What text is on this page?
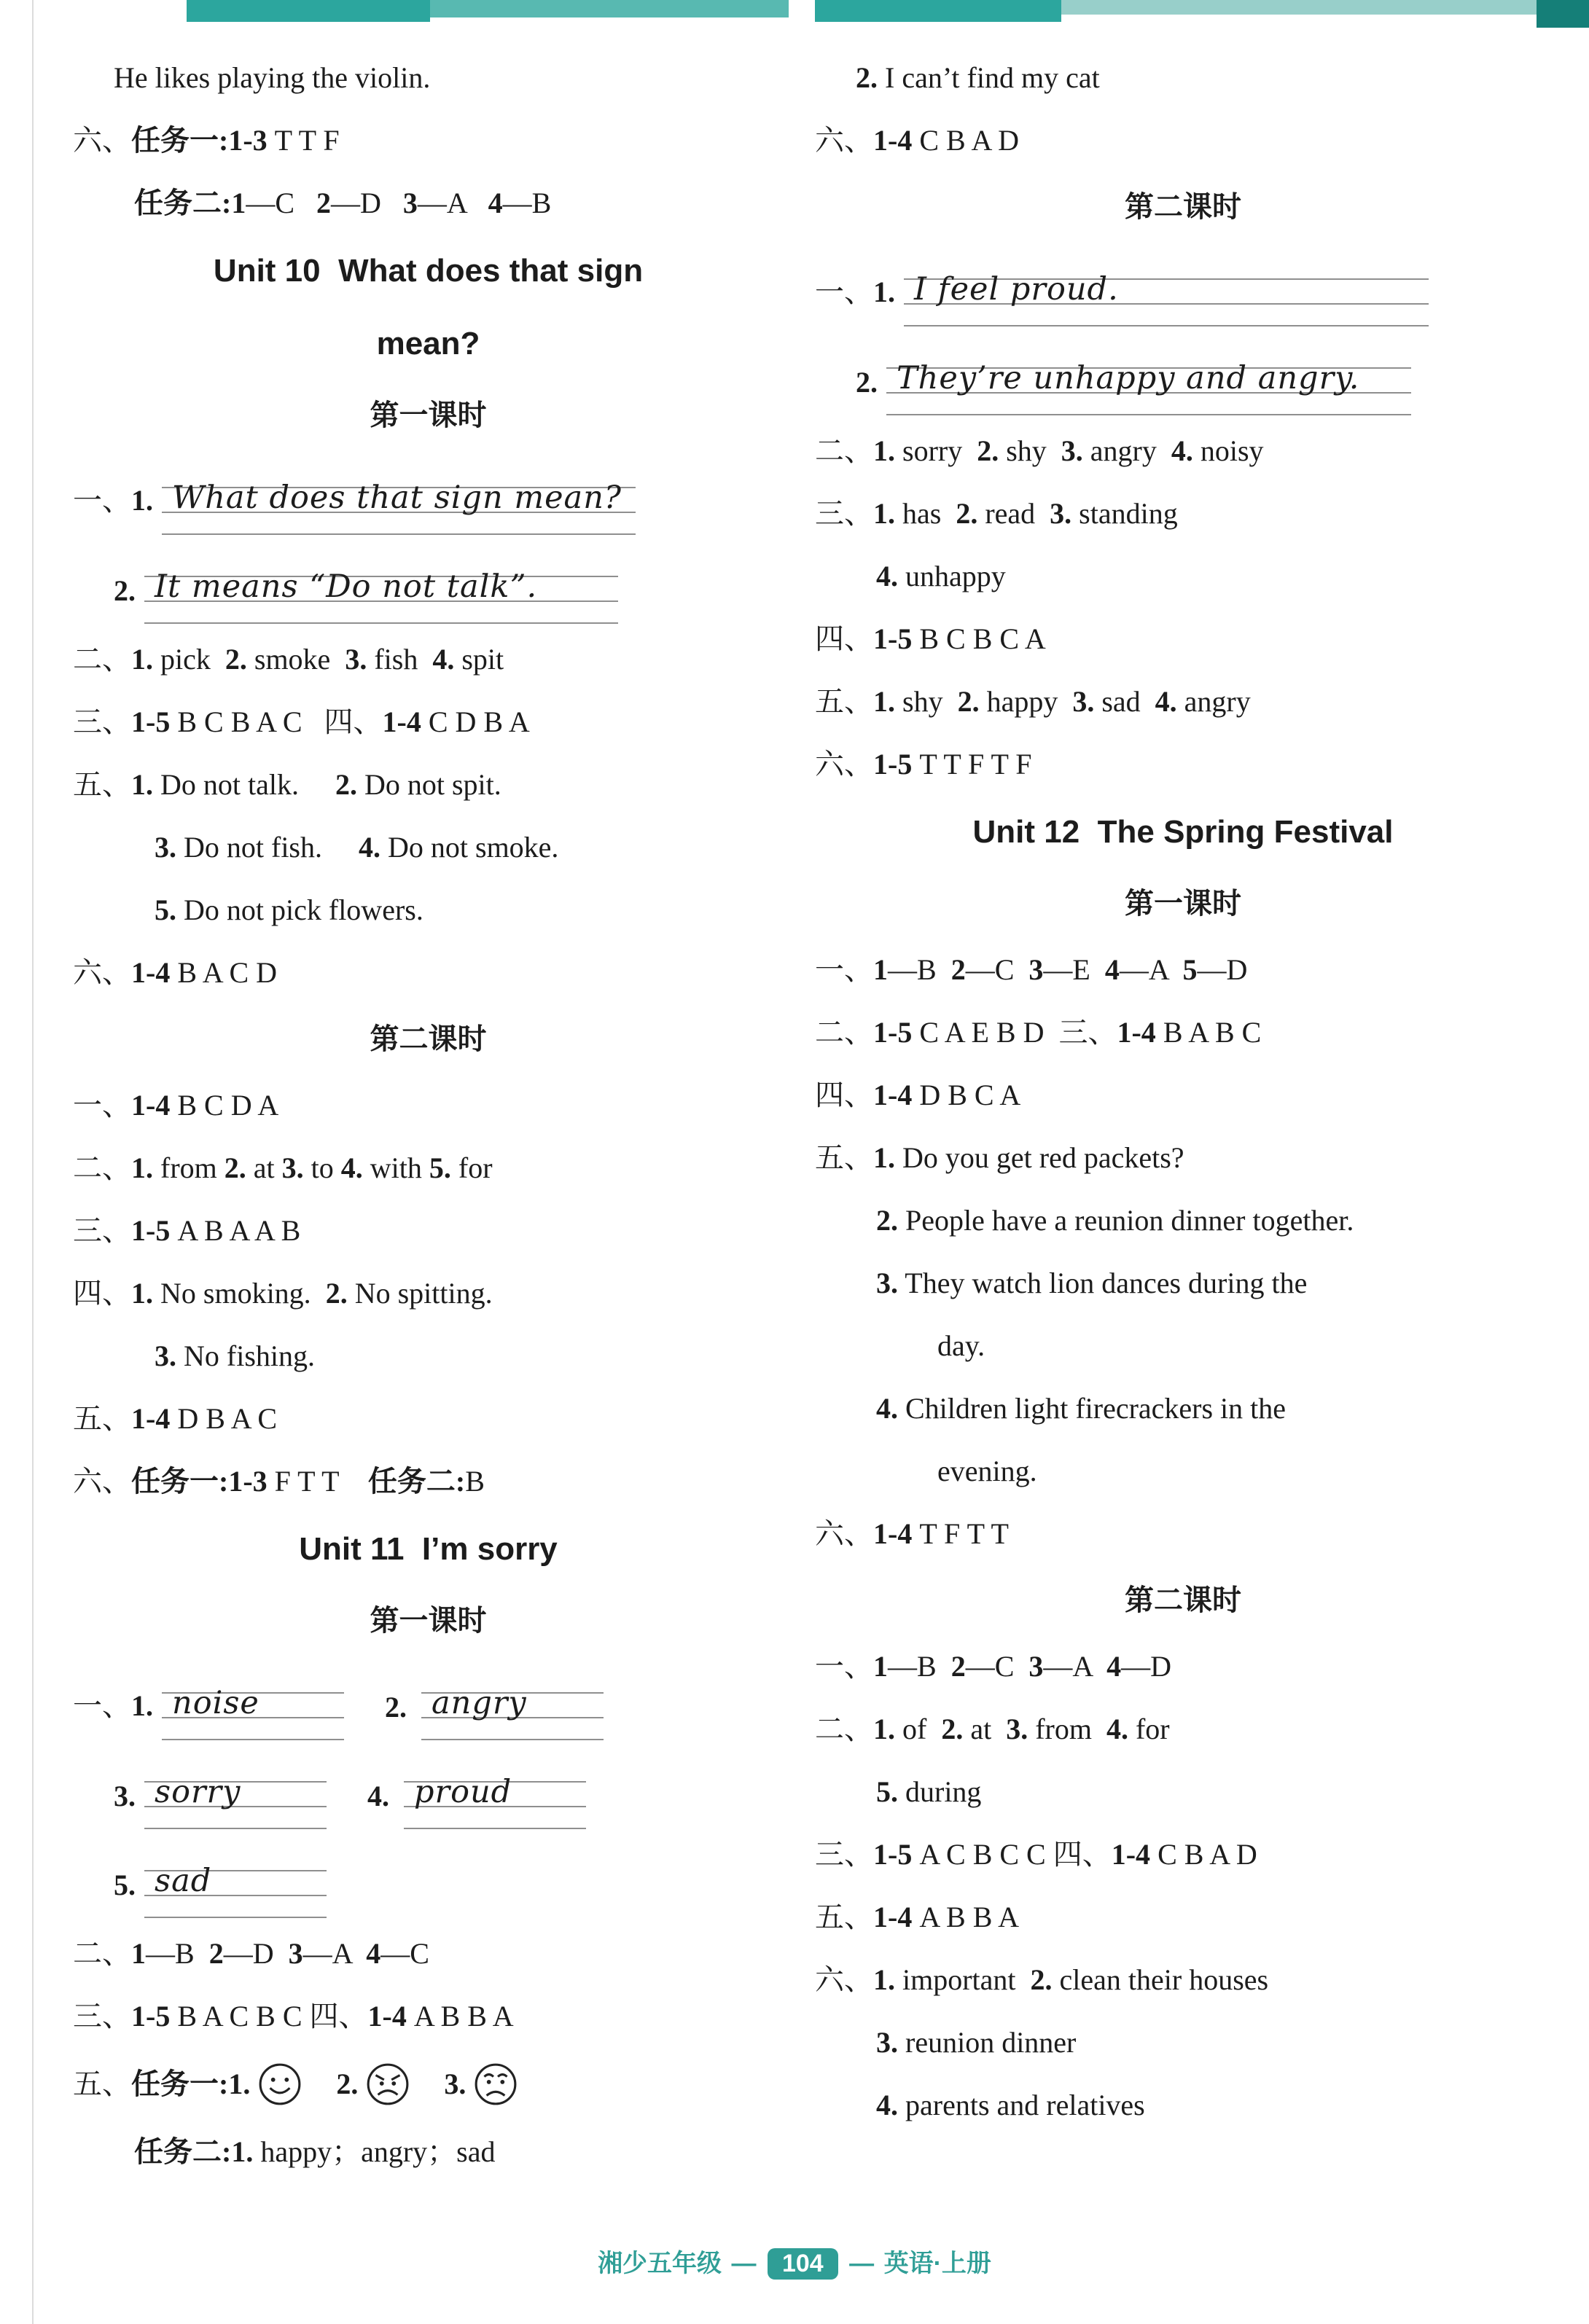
He likes playing the violin.
六、任务一:1-3 T T F
任务二:1—C   2—D   3—A   4—B
Unit 10  What does that sign
mean?
第一课时
一、1. What does that sign mean?
2. It means “Do not talk”.
二、1. pick  2. smoke  3. fish  4. spit
三、1-5 B C B A C   四、1-4 C D B A
五、1. Do not talk.     2. Do not spit.
3. Do not fish.     4. Do not smoke.
5. Do not pick flowers.
六、1-4 B A C D
第二课时
一、1-4 B C D A
二、1. from 2. at 3. to 4. with 5. for
三、1-5 A B A A B
四、1. No smoking.  2. No spitting.
3. No fishing.
五、1-4 D B A C
六、任务一:1-3 F T T    任务二:B
Unit 11  I’m sorry
第一课时
一、1. noise	2. angry
3. sorry	4. proud
5. sad
二、1—B  2—D  3—A  4—C
三、1-5 B A C B C 四、1-4 A B B A
五、 任务一: 1.	2.	3.
任务二:1. happy；angry；sad
2. I can’t find my cat
六、1-4 C B A D
第二课时
一、1. I feel proud.
2. They’re unhappy and angry.
二、1. sorry  2. shy  3. angry  4. noisy
三、1. has  2. read  3. standing
4. unhappy
四、1-5 B C B C A
五、1. shy  2. happy  3. sad  4. angry
六、1-5 T T F T F
Unit 12  The Spring Festival
第一课时
一、1—B  2—C  3—E  4—A  5—D
二、1-5 C A E B D  三、1-4 B A B C
四、1-4 D B C A
五、1. Do you get red packets?
2. People have a reunion dinner together.
3. They watch lion dances during the
day.
4. Children light firecrackers in the
evening.
六、1-4 T F T T
第二课时
一、1—B  2—C  3—A  4—D
二、1. of  2. at  3. from  4. for
5. during
三、1-5 A C B C C 四、1-4 C B A D
五、1-4 A B B A
六、1. important  2. clean their houses
3. reunion dinner
4. parents and relatives
湘少五年级 — 104 — 英语·上册
